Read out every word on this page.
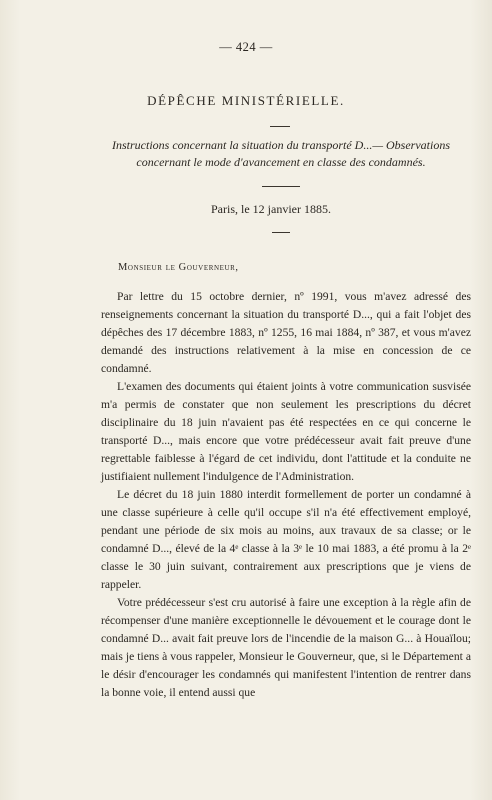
— 424 —
DÉPÊCHE MINISTÉRIELLE.
Instructions concernant la situation du transporté D...— Observations concernant le mode d'avancement en classe des condamnés.
Paris, le 12 janvier 1885.
Monsieur le Gouverneur,

Par lettre du 15 octobre dernier, nº 1991, vous m'avez adressé des renseignements concernant la situation du transporté D..., qui a fait l'objet des dépêches des 17 décembre 1883, nº 1255, 16 mai 1884, nº 387, et vous m'avez demandé des instructions relativement à la mise en concession de ce condamné.

L'examen des documents qui étaient joints à votre communication susvisée m'a permis de constater que non seulement les prescriptions du décret disciplinaire du 18 juin n'avaient pas été respectées en ce qui concerne le transporté D..., mais encore que votre prédécesseur avait fait preuve d'une regrettable faiblesse à l'égard de cet individu, dont l'attitude et la conduite ne justifiaient nullement l'indulgence de l'Administration.

Le décret du 18 juin 1880 interdit formellement de porter un condamné à une classe supérieure à celle qu'il occupe s'il n'a été effectivement employé, pendant une période de six mois au moins, aux travaux de sa classe; or le condamné D..., élevé de la 4ᵉ classe à la 3ᵉ le 10 mai 1883, a été promu à la 2ᵉ classe le 30 juin suivant, contrairement aux prescriptions que je viens de rappeler.

Votre prédécesseur s'est cru autorisé à faire une exception à la règle afin de récompenser d'une manière exceptionnelle le dévouement et le courage dont le condamné D... avait fait preuve lors de l'incendie de la maison G... à Houaïlou; mais je tiens à vous rappeler, Monsieur le Gouverneur, que, si le Département a le désir d'encourager les condamnés qui manifestent l'intention de rentrer dans la bonne voie, il entend aussi que
